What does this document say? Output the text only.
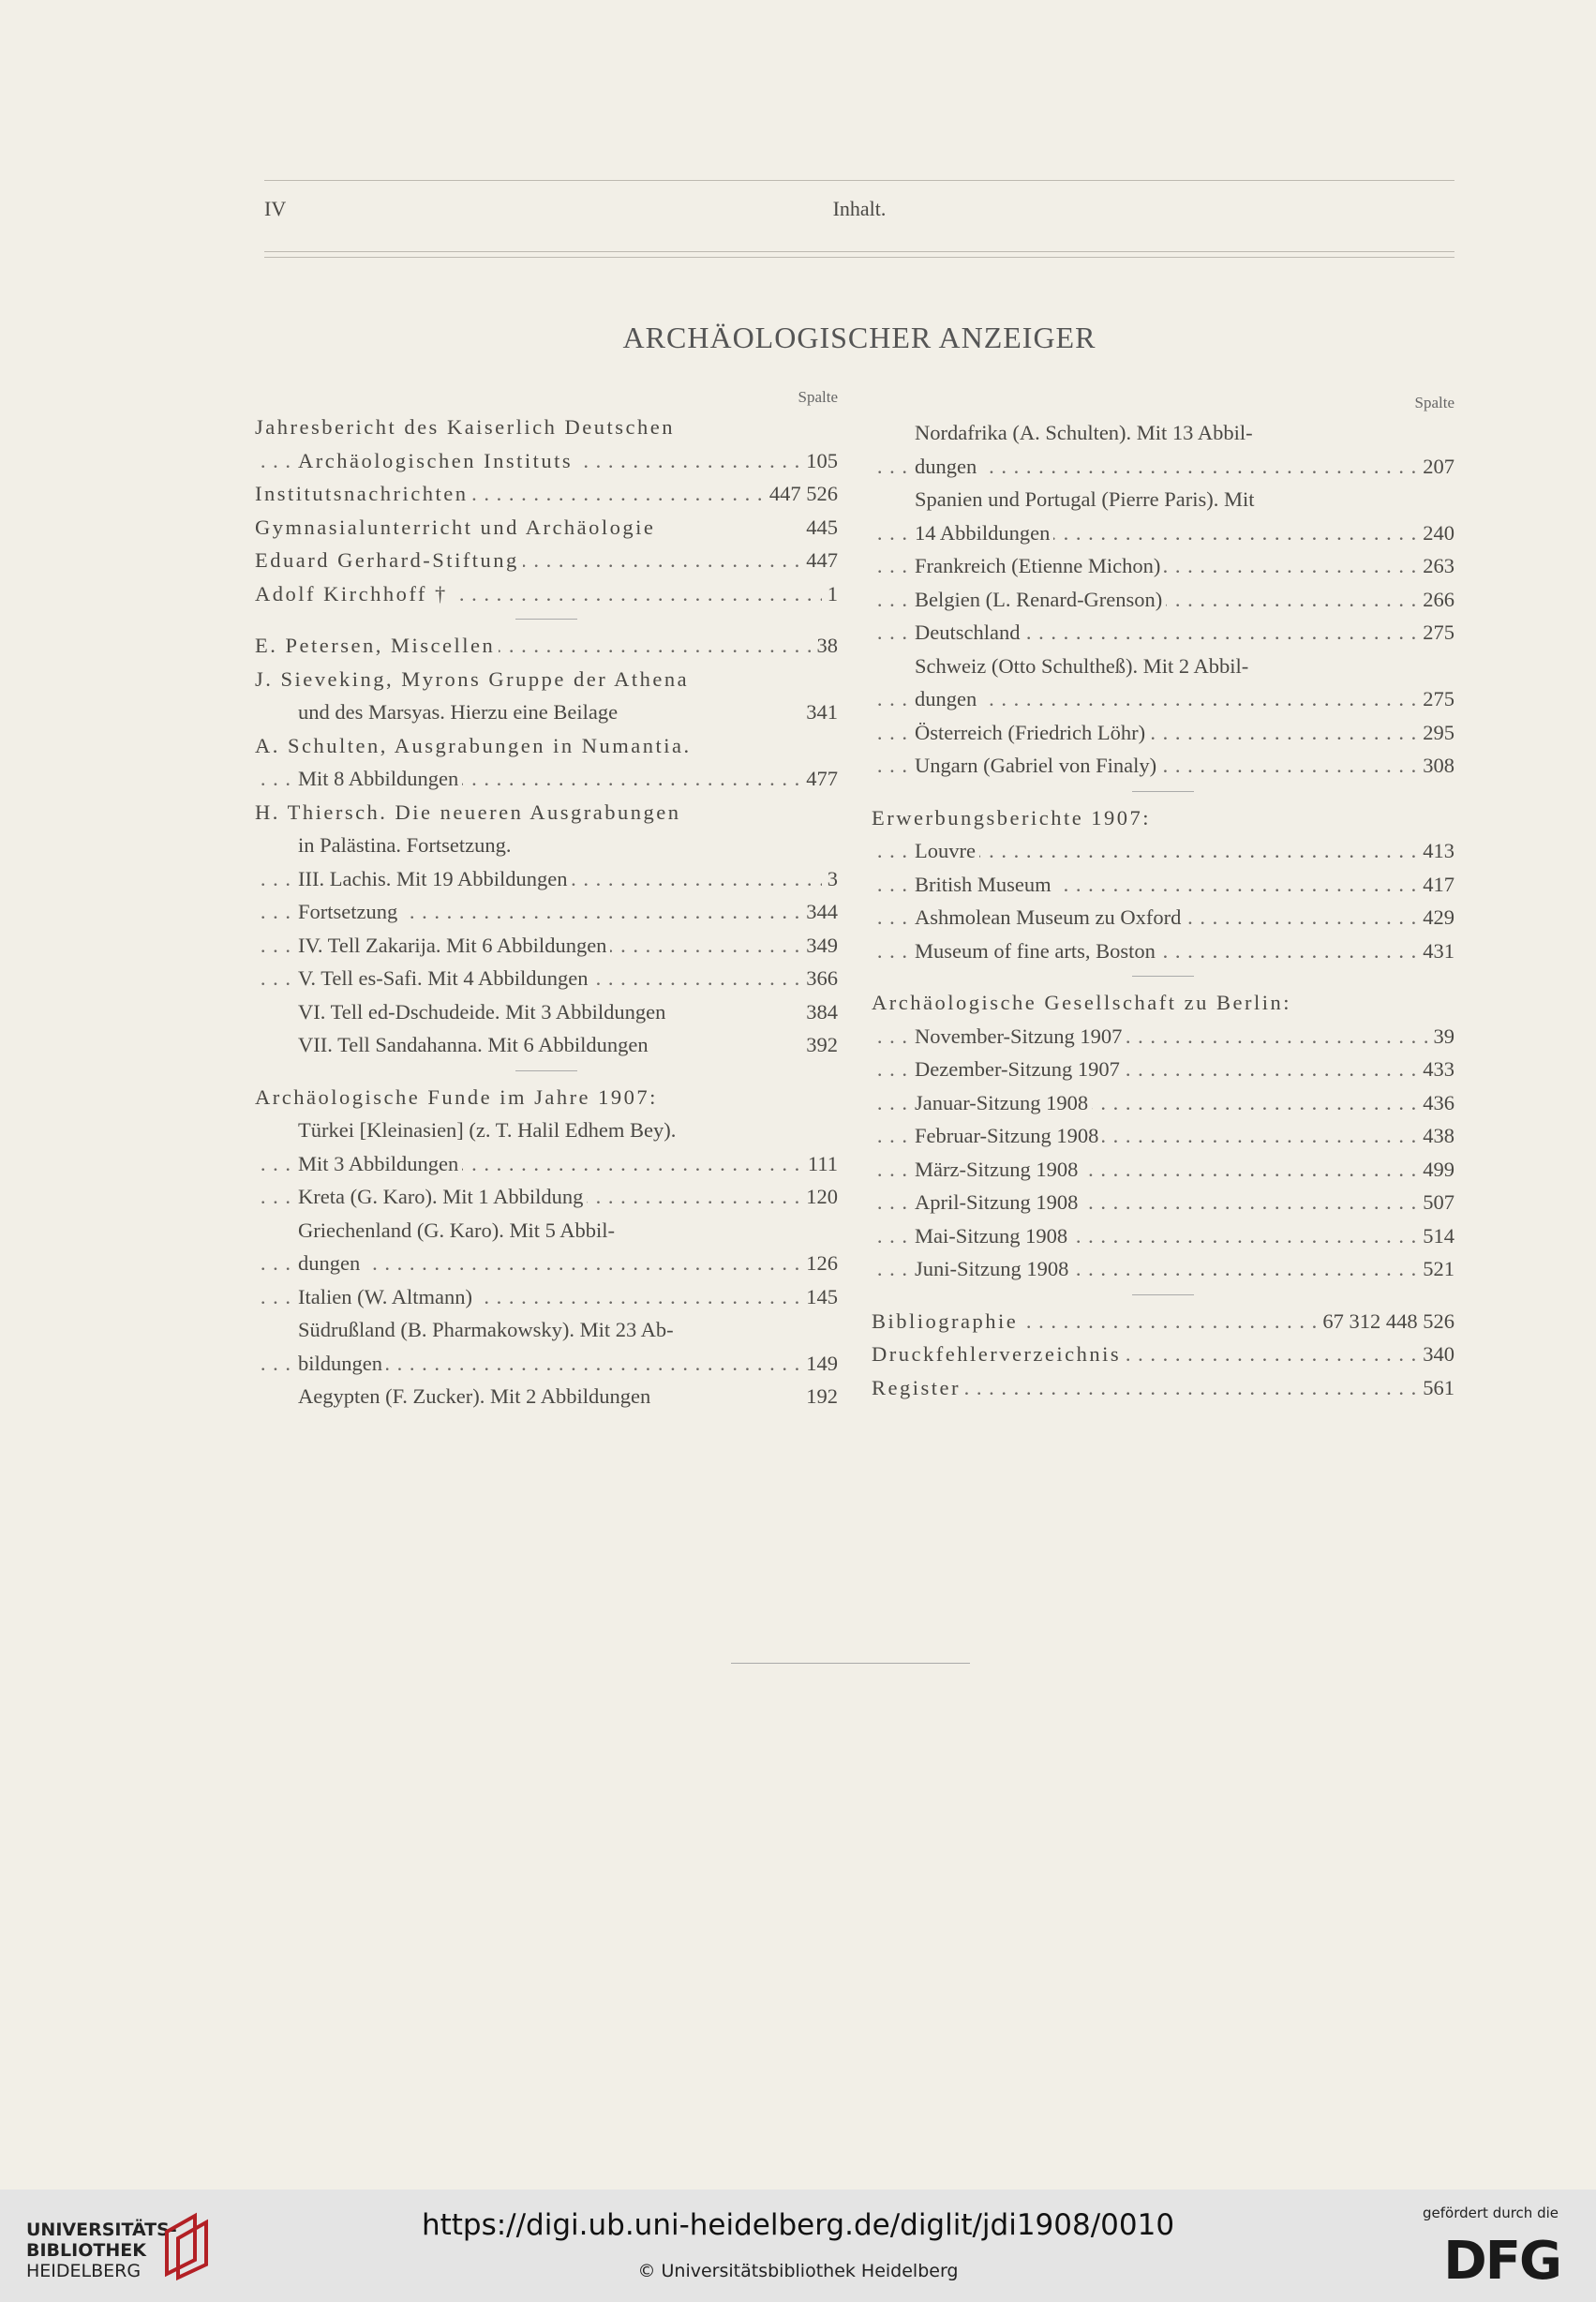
IV	Inhalt.
ARCHÄOLOGISCHER ANZEIGER
Spalte
Jahresbericht des Kaiserlich Deutschen
Archäologischen Instituts	105
. . .
Institutsnachrichten	447 526
. . .
Gymnasialunterricht und Archäologie	445
Eduard Gerhard-Stiftung	447
. . .
Adolf Kirchhoff †	1
. . .
E. Petersen, Miscellen	38
. . .
J. Sieveking, Myrons Gruppe der Athena
und des Marsyas. Hierzu eine Beilage	341
A. Schulten, Ausgrabungen in Numantia.
Mit 8 Abbildungen	477
. . .
H. Thiersch. Die neueren Ausgrabungen
in Palästina. Fortsetzung.
III. Lachis. Mit 19 Abbildungen	3
. . .
Fortsetzung	344
. . .
IV. Tell Zakarija. Mit 6 Abbildungen	349
. . .
V. Tell es-Safi. Mit 4 Abbildungen	366
. . .
VI. Tell ed-Dschudeide. Mit 3 Abbildungen	384
VII. Tell Sandahanna. Mit 6 Abbildungen	392
Archäologische Funde im Jahre 1907:
Türkei [Kleinasien] (z. T. Halil Edhem Bey).
Mit 3 Abbildungen	111
. . .
Kreta (G. Karo). Mit 1 Abbildung	120
. . .
Griechenland (G. Karo). Mit 5 Abbil-
dungen	126
. . .
Italien (W. Altmann)	145
. . .
Südrußland (B. Pharmakowsky). Mit 23 Ab-
bildungen	149
. . .
Aegypten (F. Zucker). Mit 2 Abbildungen	192
Spalte
Nordafrika (A. Schulten). Mit 13 Abbil-
dungen	207
. . .
Spanien und Portugal (Pierre Paris). Mit
14 Abbildungen	240
. . .
Frankreich (Etienne Michon)	263
. . .
Belgien (L. Renard-Grenson)	266
. . .
Deutschland	275
. . .
Schweiz (Otto Schultheß). Mit 2 Abbil-
dungen	275
. . .
Österreich (Friedrich Löhr)	295
. . .
Ungarn (Gabriel von Finaly)	308
. . .
Erwerbungsberichte 1907:
Louvre	413
. . .
British Museum	417
. . .
Ashmolean Museum zu Oxford	429
. . .
Museum of fine arts, Boston	431
. . .
Archäologische Gesellschaft zu Berlin:
November-Sitzung 1907	39
. . .
Dezember-Sitzung 1907	433
. . .
Januar-Sitzung 1908	436
. . .
Februar-Sitzung 1908	438
. . .
März-Sitzung 1908	499
. . .
April-Sitzung 1908	507
. . .
Mai-Sitzung 1908	514
. . .
Juni-Sitzung 1908	521
. . .
Bibliographie	67 312 448 526
. . .
Druckfehlerverzeichnis	340
. . .
Register	561
. . .
UNIVERSITÄTS-
BIBLIOTHEK
HEIDELBERG
https://digi.ub.uni-heidelberg.de/diglit/jdi1908/0010
© Universitätsbibliothek Heidelberg
gefördert durch die
DFG
